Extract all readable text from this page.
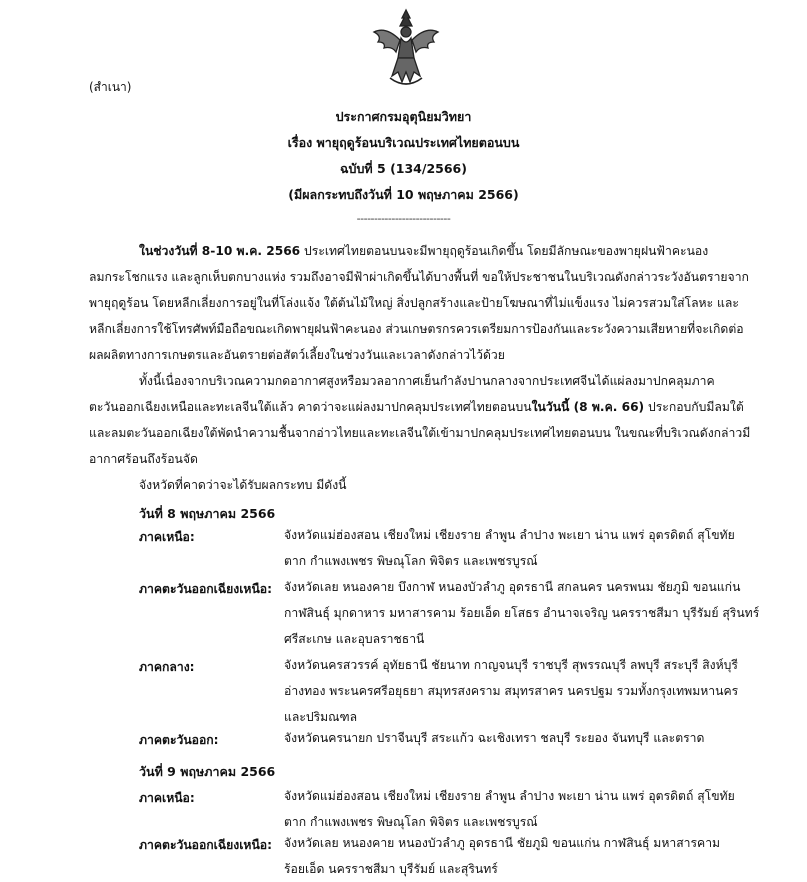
(สำเนา)
ประกาศกรมอุตุนิยมวิทยา
เรื่อง พายุฤดูร้อนบริเวณประเทศไทยตอนบน
ฉบับที่ 5 (134/2566)
(มีผลกระทบถึงวันที่ 10 พฤษภาคม 2566)
---------------------------
ในช่วงวันที่ 8-10 พ.ค. 2566 ประเทศไทยตอนบนจะมีพายุฤดูร้อนเกิดขึ้น โดยมีลักษณะของพายุฝนฟ้าคะนอง
ลมกระโชกแรง และลูกเห็บตกบางแห่ง รวมถึงอาจมีฟ้าผ่าเกิดขึ้นได้บางพื้นที่ ขอให้ประชาชนในบริเวณดังกล่าวระวังอันตรายจาก
พายุฤดูร้อน โดยหลีกเลี่ยงการอยู่ในที่โล่งแจ้ง ใต้ต้นไม้ใหญ่ สิ่งปลูกสร้างและป้ายโฆษณาที่ไม่แข็งแรง ไม่ควรสวมใส่โลหะ และ
หลีกเลี่ยงการใช้โทรศัพท์มือถือขณะเกิดพายุฝนฟ้าคะนอง ส่วนเกษตรกรควรเตรียมการป้องกันและระวังความเสียหายที่จะเกิดต่อ
ผลผลิตทางการเกษตรและอันตรายต่อสัตว์เลี้ยงในช่วงวันและเวลาดังกล่าวไว้ด้วย
ทั้งนี้เนื่องจากบริเวณความกดอากาศสูงหรือมวลอากาศเย็นกำลังปานกลางจากประเทศจีนได้แผ่ลงมาปกคลุมภาค
ตะวันออกเฉียงเหนือและทะเลจีนใต้แล้ว คาดว่าจะแผ่ลงมาปกคลุมประเทศไทยตอนบนในวันนี้ (8 พ.ค. 66) ประกอบกับมีลมใต้
และลมตะวันออกเฉียงใต้พัดนำความชื้นจากอ่าวไทยและทะเลจีนใต้เข้ามาปกคลุมประเทศไทยตอนบน ในขณะที่บริเวณดังกล่าวมี
อากาศร้อนถึงร้อนจัด
จังหวัดที่คาดว่าจะได้รับผลกระทบ มีดังนี้
วันที่ 8 พฤษภาคม 2566
ภาคเหนือ:	จังหวัดแม่ฮ่องสอน เชียงใหม่ เชียงราย ลำพูน ลำปาง พะเยา น่าน แพร่ อุตรดิตถ์ สุโขทัย
ตาก กำแพงเพชร พิษณุโลก พิจิตร และเพชรบูรณ์
ภาคตะวันออกเฉียงเหนือ: จังหวัดเลย หนองคาย บึงกาฬ หนองบัวลำภู อุดรธานี สกลนคร นครพนม ชัยภูมิ ขอนแก่น
กาฬสินธุ์ มุกดาหาร มหาสารคาม ร้อยเอ็ด ยโสธร อำนาจเจริญ นครราชสีมา บุรีรัมย์ สุรินทร์
ศรีสะเกษ และอุบลราชธานี
ภาคกลาง:	จังหวัดนครสวรรค์ อุทัยธานี ชัยนาท กาญจนบุรี ราชบุรี สุพรรณบุรี ลพบุรี สระบุรี สิงห์บุรี
อ่างทอง พระนครศรีอยุธยา สมุทรสงคราม สมุทรสาคร นครปฐม รวมทั้งกรุงเทพมหานคร
และปริมณฑล
ภาคตะวันออก:	จังหวัดนครนายก ปราจีนบุรี สระแก้ว ฉะเชิงเทรา ชลบุรี ระยอง จันทบุรี และตราด
วันที่ 9 พฤษภาคม 2566
ภาคเหนือ:	จังหวัดแม่ฮ่องสอน เชียงใหม่ เชียงราย ลำพูน ลำปาง พะเยา น่าน แพร่ อุตรดิตถ์ สุโขทัย
ตาก กำแพงเพชร พิษณุโลก พิจิตร และเพชรบูรณ์
ภาคตะวันออกเฉียงเหนือ: จังหวัดเลย หนองคาย หนองบัวลำภู อุดรธานี ชัยภูมิ ขอนแก่น กาฬสินธุ์ มหาสารคาม
ร้อยเอ็ด นครราชสีมา บุรีรัมย์ และสุรินทร์
